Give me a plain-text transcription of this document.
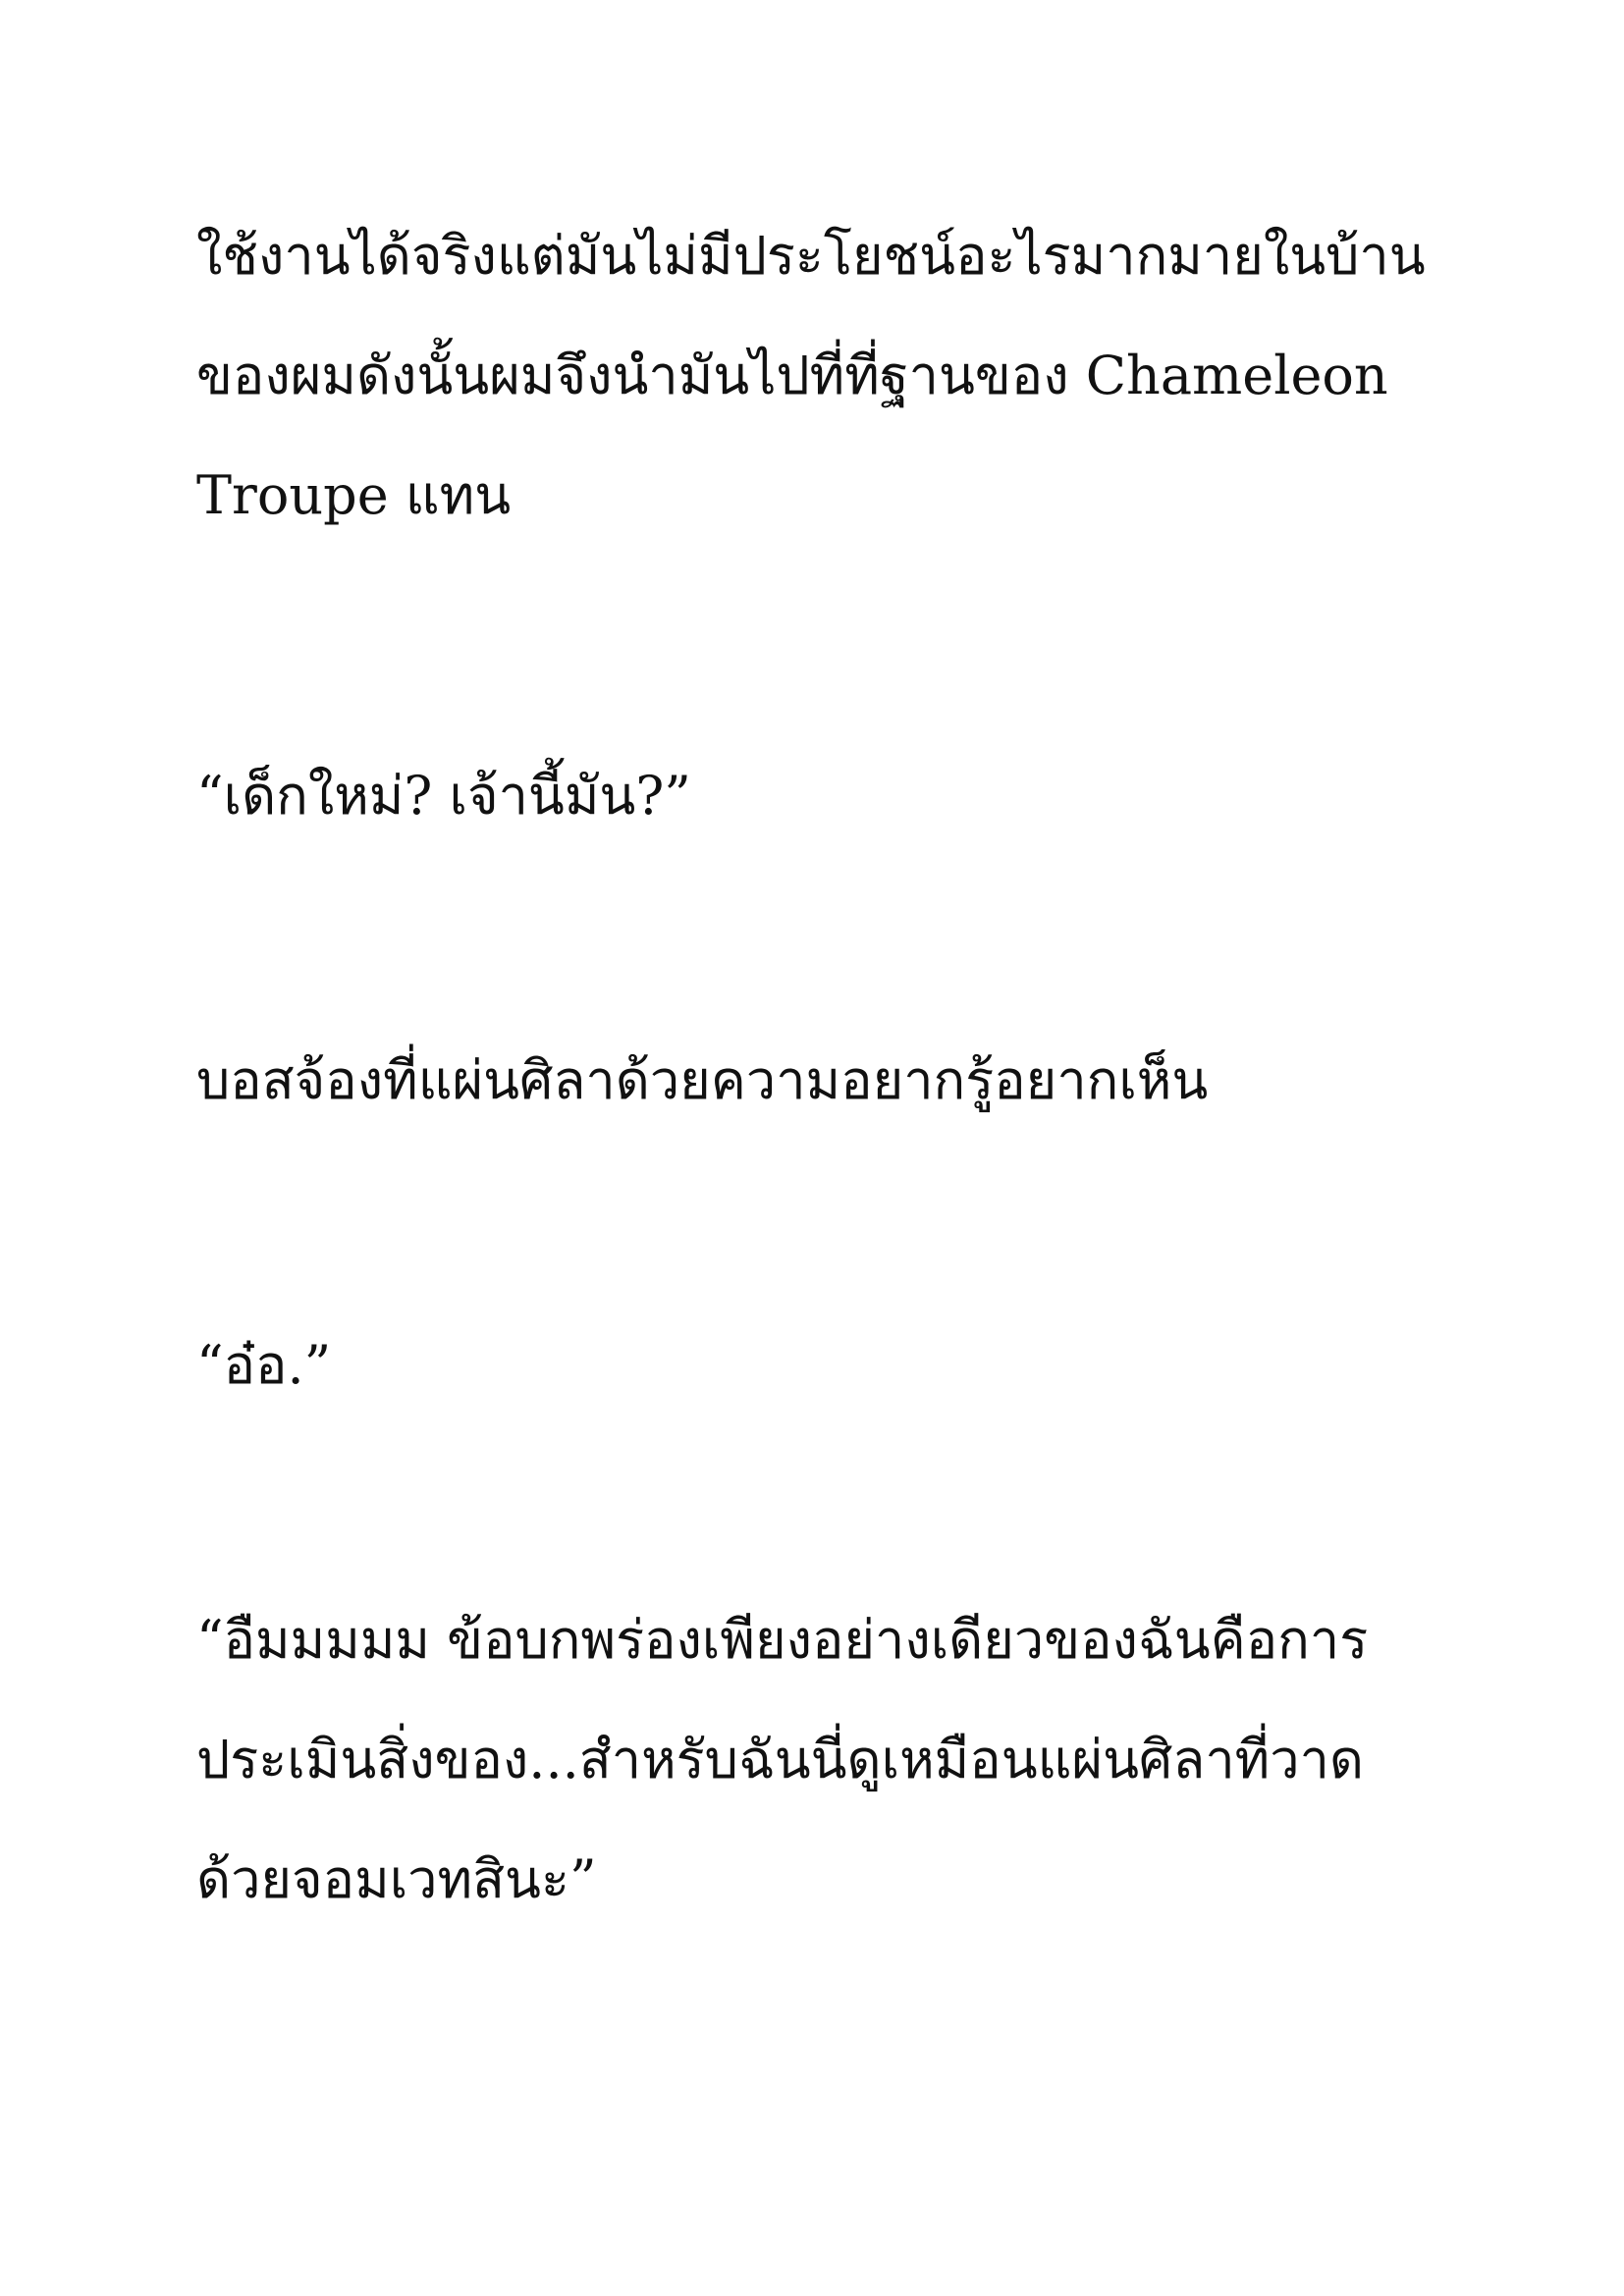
ใช้งานได้จริงแต่มันไม่มีประโยชน์อะไรมากมายในบ้าน
ของผมดังนั้นผมจึงนำมันไปที่ที่ฐานของ Chameleon
Troupe แทน

“เด็กใหม่? เจ้านี้มัน?”

บอสจ้องที่แผ่นศิลาด้วยความอยากรู้อยากเห็น

“อ๋อ.”

“อืมมมมม ข้อบกพร่องเพียงอย่างเดียวของฉันคือการ
ประเมินสิ่งของ...สำหรับฉันนี่ดูเหมือนแผ่นศิลาที่วาด
ด้วยจอมเวทสินะ”
